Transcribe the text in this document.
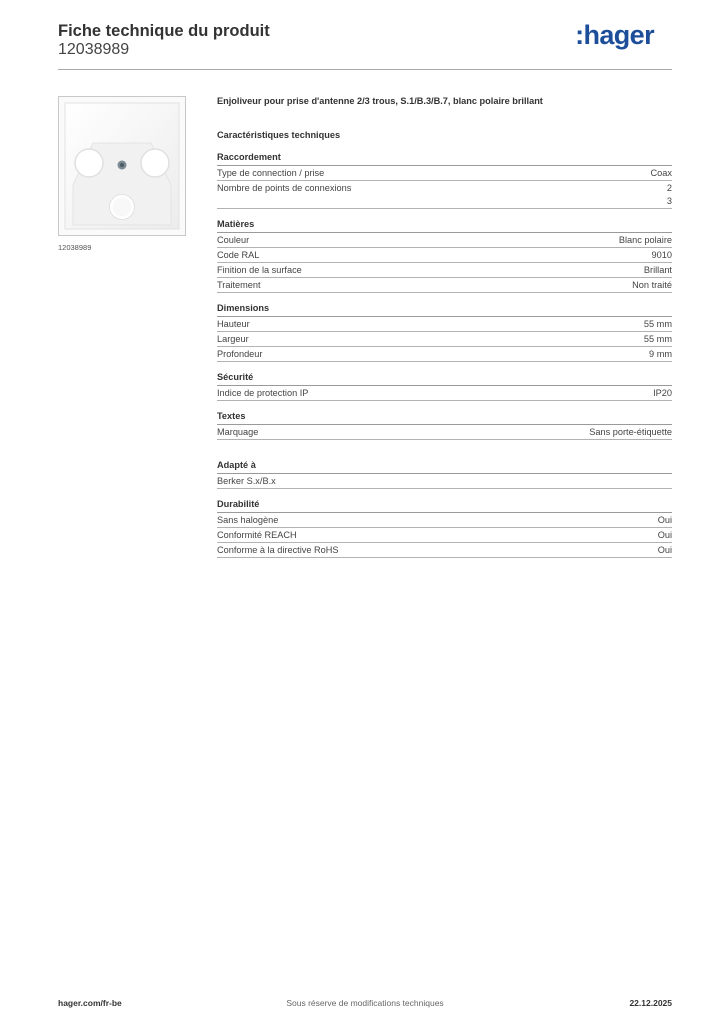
Fiche technique du produit
12038989	:hager
12038989
Enjoliveur pour prise d'antenne 2/3 trous, S.1/B.3/B.7, blanc polaire brillant
Caractéristiques techniques
Raccordement
Type de connection / prise	Coax
Nombre de points de connexions	2
3
Matières
Couleur	Blanc polaire
Code RAL	9010
Finition de la surface	Brillant
Traitement	Non traité
Dimensions
Hauteur	55 mm
Largeur	55 mm
Profondeur	9 mm
Sécurité
Indice de protection IP	IP20
Textes
Marquage	Sans porte-étiquette
Adapté à
Berker S.x/B.x
Durabilité
Sans halogène	Oui
Conformité REACH	Oui
Conforme à la directive RoHS	Oui
Sous réserve de modifications techniques
hager.com/fr-be	22.12.2025
